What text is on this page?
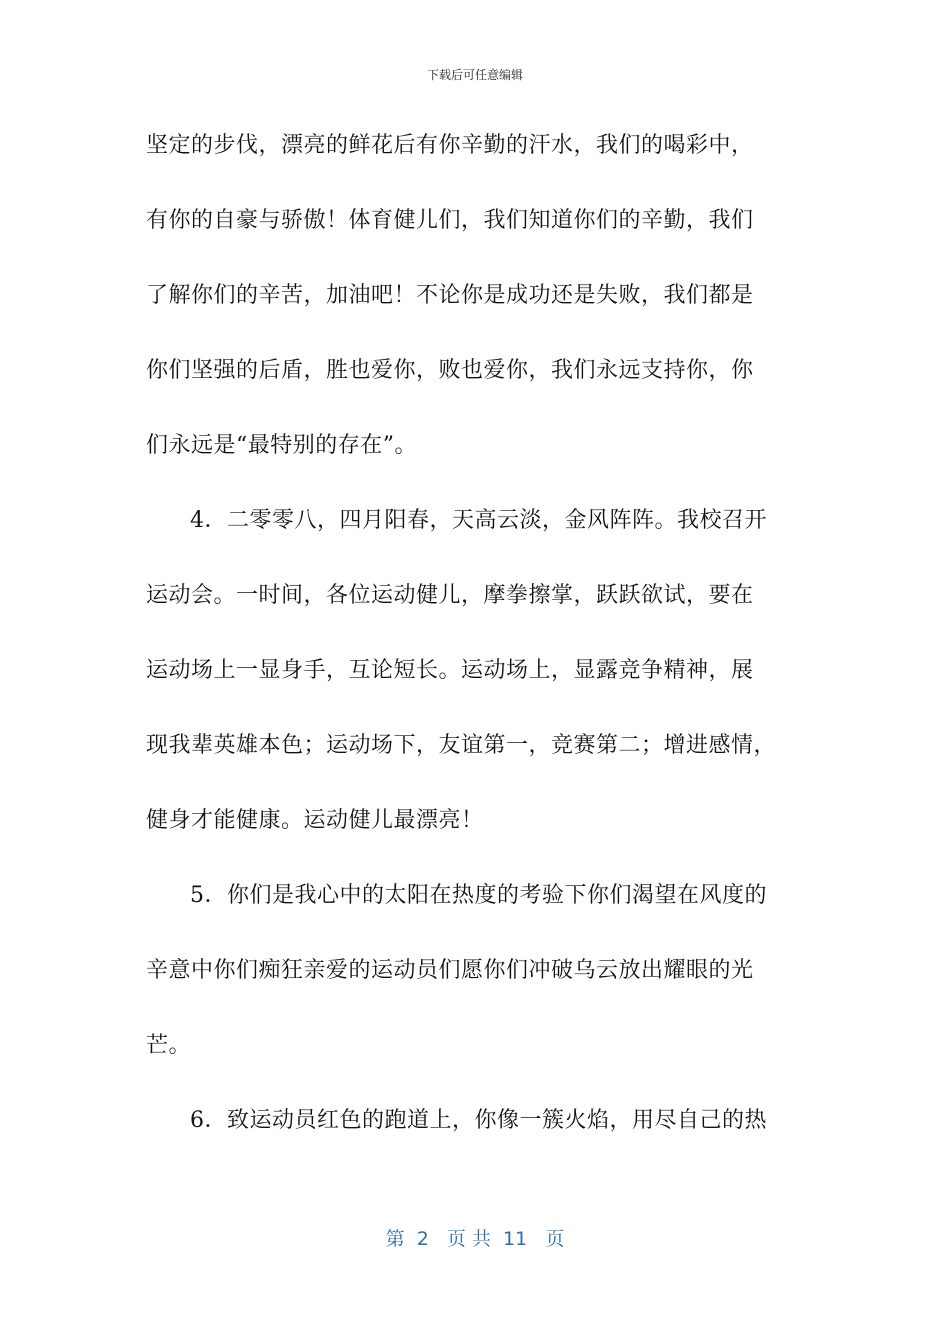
下载后可任意编辑
坚定的步伐，漂亮的鲜花后有你辛勤的汗水，我们的喝彩中，
有你的自豪与骄傲！体育健儿们，我们知道你们的辛勤，我们
了解你们的辛苦，加油吧！不论你是成功还是失败，我们都是
你们坚强的后盾，胜也爱你，败也爱你，我们永远支持你，你
们永远是“最特别的存在”。
4．二零零八，四月阳春，天高云淡，金风阵阵。我校召开
运动会。一时间，各位运动健儿，摩拳擦掌，跃跃欲试，要在
运动场上一显身手，互论短长。运动场上，显露竞争精神，展
现我辈英雄本色；运动场下，友谊第一，竞赛第二；增进感情，
健身才能健康。运动健儿最漂亮！
5．你们是我心中的太阳在热度的考验下你们渴望在风度的
辛意中你们痴狂亲爱的运动员们愿你们冲破乌云放出耀眼的光
芒。
6．致运动员红色的跑道上，你像一簇火焰，用尽自己的热
第  2   页 共  11   页
